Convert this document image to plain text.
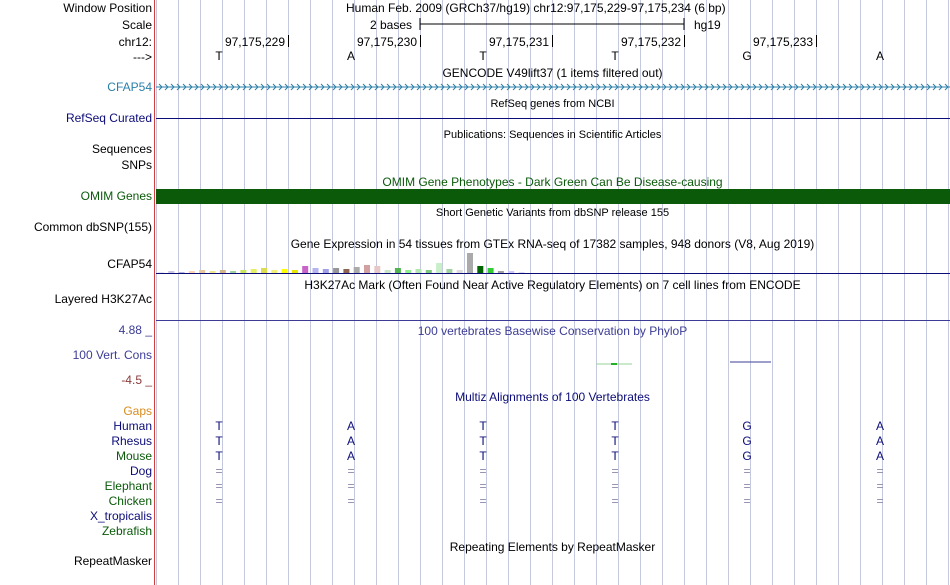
Window Position	Human Feb. 2009 (GRCh37/hg19) chr12:97,175,229-97,175,234 (6 bp)
Scale	2 bases	hg19
chr12:	97,175,229	97,175,230	97,175,231	97,175,232	97,175,233
--->	T	A	T	T	G	A
GENCODE V49lift37 (1 items filtered out)
CFAP54
RefSeq genes from NCBI
RefSeq Curated
Publications: Sequences in Scientific Articles
Sequences
SNPs
OMIM Gene Phenotypes - Dark Green Can Be Disease-causing
OMIM Genes
Short Genetic Variants from dbSNP release 155
Common dbSNP(155)
Gene Expression in 54 tissues from GTEx RNA-seq of 17382 samples, 948 donors (V8, Aug 2019)
CFAP54
H3K27Ac Mark (Often Found Near Active Regulatory Elements) on 7 cell lines from ENCODE
Layered H3K27Ac
4.88 _	100 vertebrates Basewise Conservation by PhyloP
100 Vert. Cons
-4.5 _
Multiz Alignments of 100 Vertebrates
Gaps
Human	T	A	T	T	G	A
Rhesus	T	A	T	T	G	A
Mouse	T	A	T	T	G	A
Dog	=	=	=	=	=	=
Elephant	=	=	=	=	=	=
Chicken	=	=	=	=	=	=
X_tropicalis
Zebrafish
Repeating Elements by RepeatMasker
RepeatMasker
